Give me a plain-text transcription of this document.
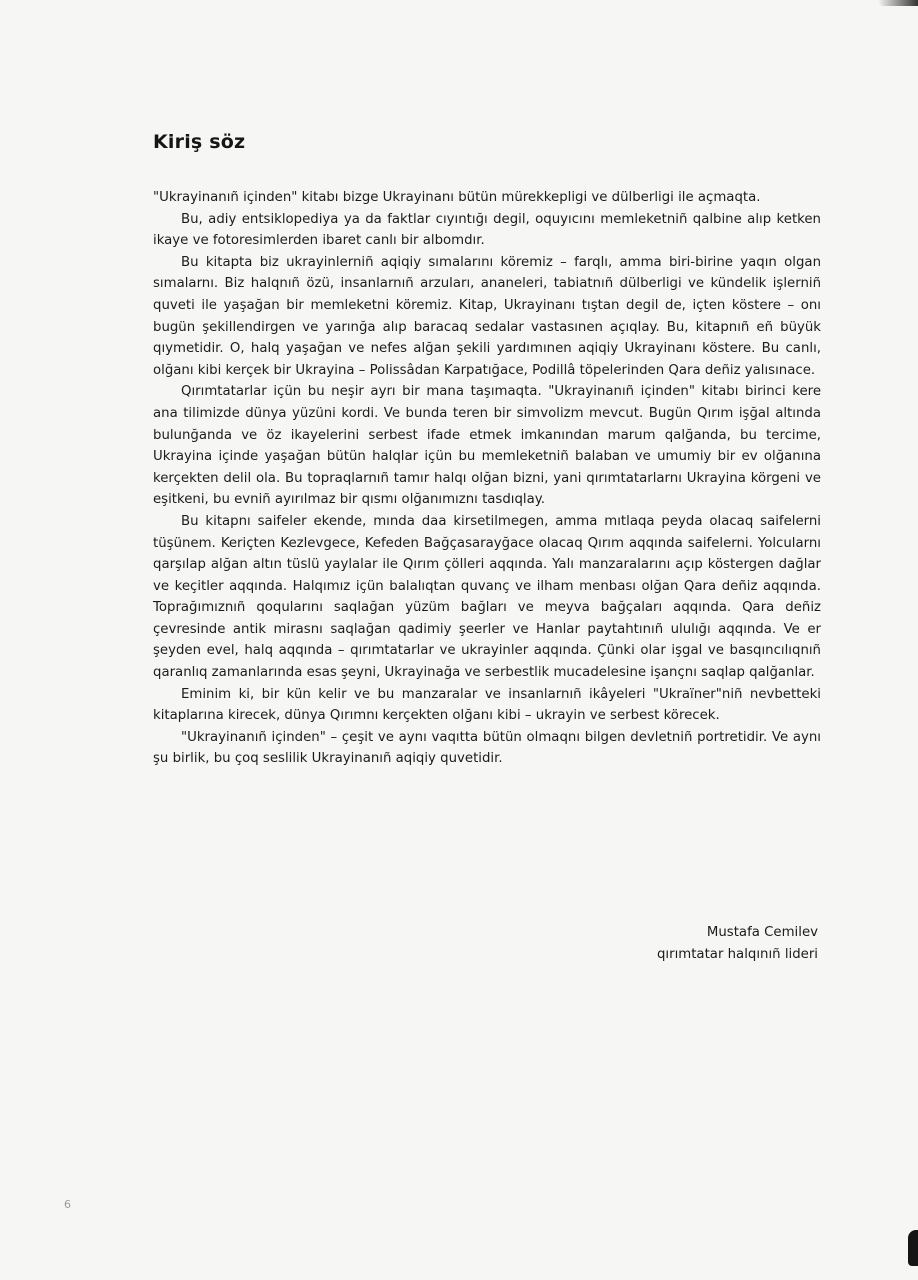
Kiriş söz

"Ukrayinanıñ içinden" kitabı bizge Ukrayinanı bütün mürekkepligi ve dülberligi ile açmaqta.

Bu, adiy entsiklopediya ya da faktlar cıyıntığı degil, oquyıcını memleketniñ qalbine alıp ketken ikaye ve fotoresimlerden ibaret canlı bir albomdır.

Bu kitapta biz ukrayinlerniñ aqiqiy sımalarını köremiz – farqlı, amma biri-birine yaqın olgan sımalarnı. Biz halqnıñ özü, insanlarnıñ arzuları, ananeleri, tabiatnıñ dülberligi ve kündelik işlerniñ quveti ile yaşağan bir memleketni köremiz. Kitap, Ukrayinanı tıştan degil de, içten köstere – onı bugün şekillendirgen ve yarınğa alıp baracaq sedalar vastasınen açıqlay. Bu, kitapnıñ eñ büyük qıymetidir. O, halq yaşağan ve nefes alğan şekili yardımınen aqiqiy Ukrayinanı köstere. Bu canlı, olğanı kibi kerçek bir Ukrayina – Polissâdan Karpatığace, Podillâ töpelerinden Qara deñiz yalısınace.

Qırımtatarlar içün bu neşir ayrı bir mana taşımaqta. "Ukrayinanıñ içinden" kitabı birinci kere ana tilimizde dünya yüzüni kordi. Ve bunda teren bir simvolizm mevcut. Bugün Qırım işğal altında bulunğanda ve öz ikayelerini serbest ifade etmek imkanından marum qalğanda, bu tercime, Ukrayina içinde yaşağan bütün halqlar içün bu memleketniñ balaban ve umumiy bir ev olğanına kerçekten delil ola. Bu topraqlarnıñ tamır halqı olğan bizni, yani qırımtatarlarnı Ukrayina körgeni ve eşitkeni, bu evniñ ayırılmaz bir qısmı olğanımıznı tasdıqlay.

Bu kitapnı saifeler ekende, mında daa kirsetilmegen, amma mıtlaqa peyda olacaq saifelerni tüşünem. Keriçten Kezlevgece, Kefeden Bağçasarayğace olacaq Qırım aqqında saifelerni. Yolcularnı qarşılap alğan altın tüslü yaylalar ile Qırım çölleri aqqında. Yalı manzaralarını açıp köstergen dağlar ve keçitler aqqında. Halqımız içün balalıqtan quvanç ve ilham menbası olğan Qara deñiz aqqında. Toprağımıznıñ qoqularını saqlağan yüzüm bağları ve meyva bağçaları aqqında. Qara deñiz çevresinde antik mirasnı saqlağan qadimiy şeerler ve Hanlar paytahtınıñ ululığı aqqında. Ve er şeyden evel, halq aqqında – qırımtatarlar ve ukrayinler aqqında. Çünki olar işgal ve basqıncılıqnıñ qaranlıq zamanlarında esas şeyni, Ukrayinağa ve serbestlik mucadelesine işançnı saqlap qalğanlar.

Eminim ki, bir kün kelir ve bu manzaralar ve insanlarnıñ ikâyeleri "Ukraïner"niñ nevbetteki kitaplarına kirecek, dünya Qırımnı kerçekten olğanı kibi – ukrayin ve serbest körecek.

"Ukrayinanıñ içinden" – çeşit ve aynı vaqıtta bütün olmaqnı bilgen devletniñ portretidir. Ve aynı şu birlik, bu çoq seslilik Ukrayinanıñ aqiqiy quvetidir.

Mustafa Cemilev
qırımtatar halqınıñ lideri
6
